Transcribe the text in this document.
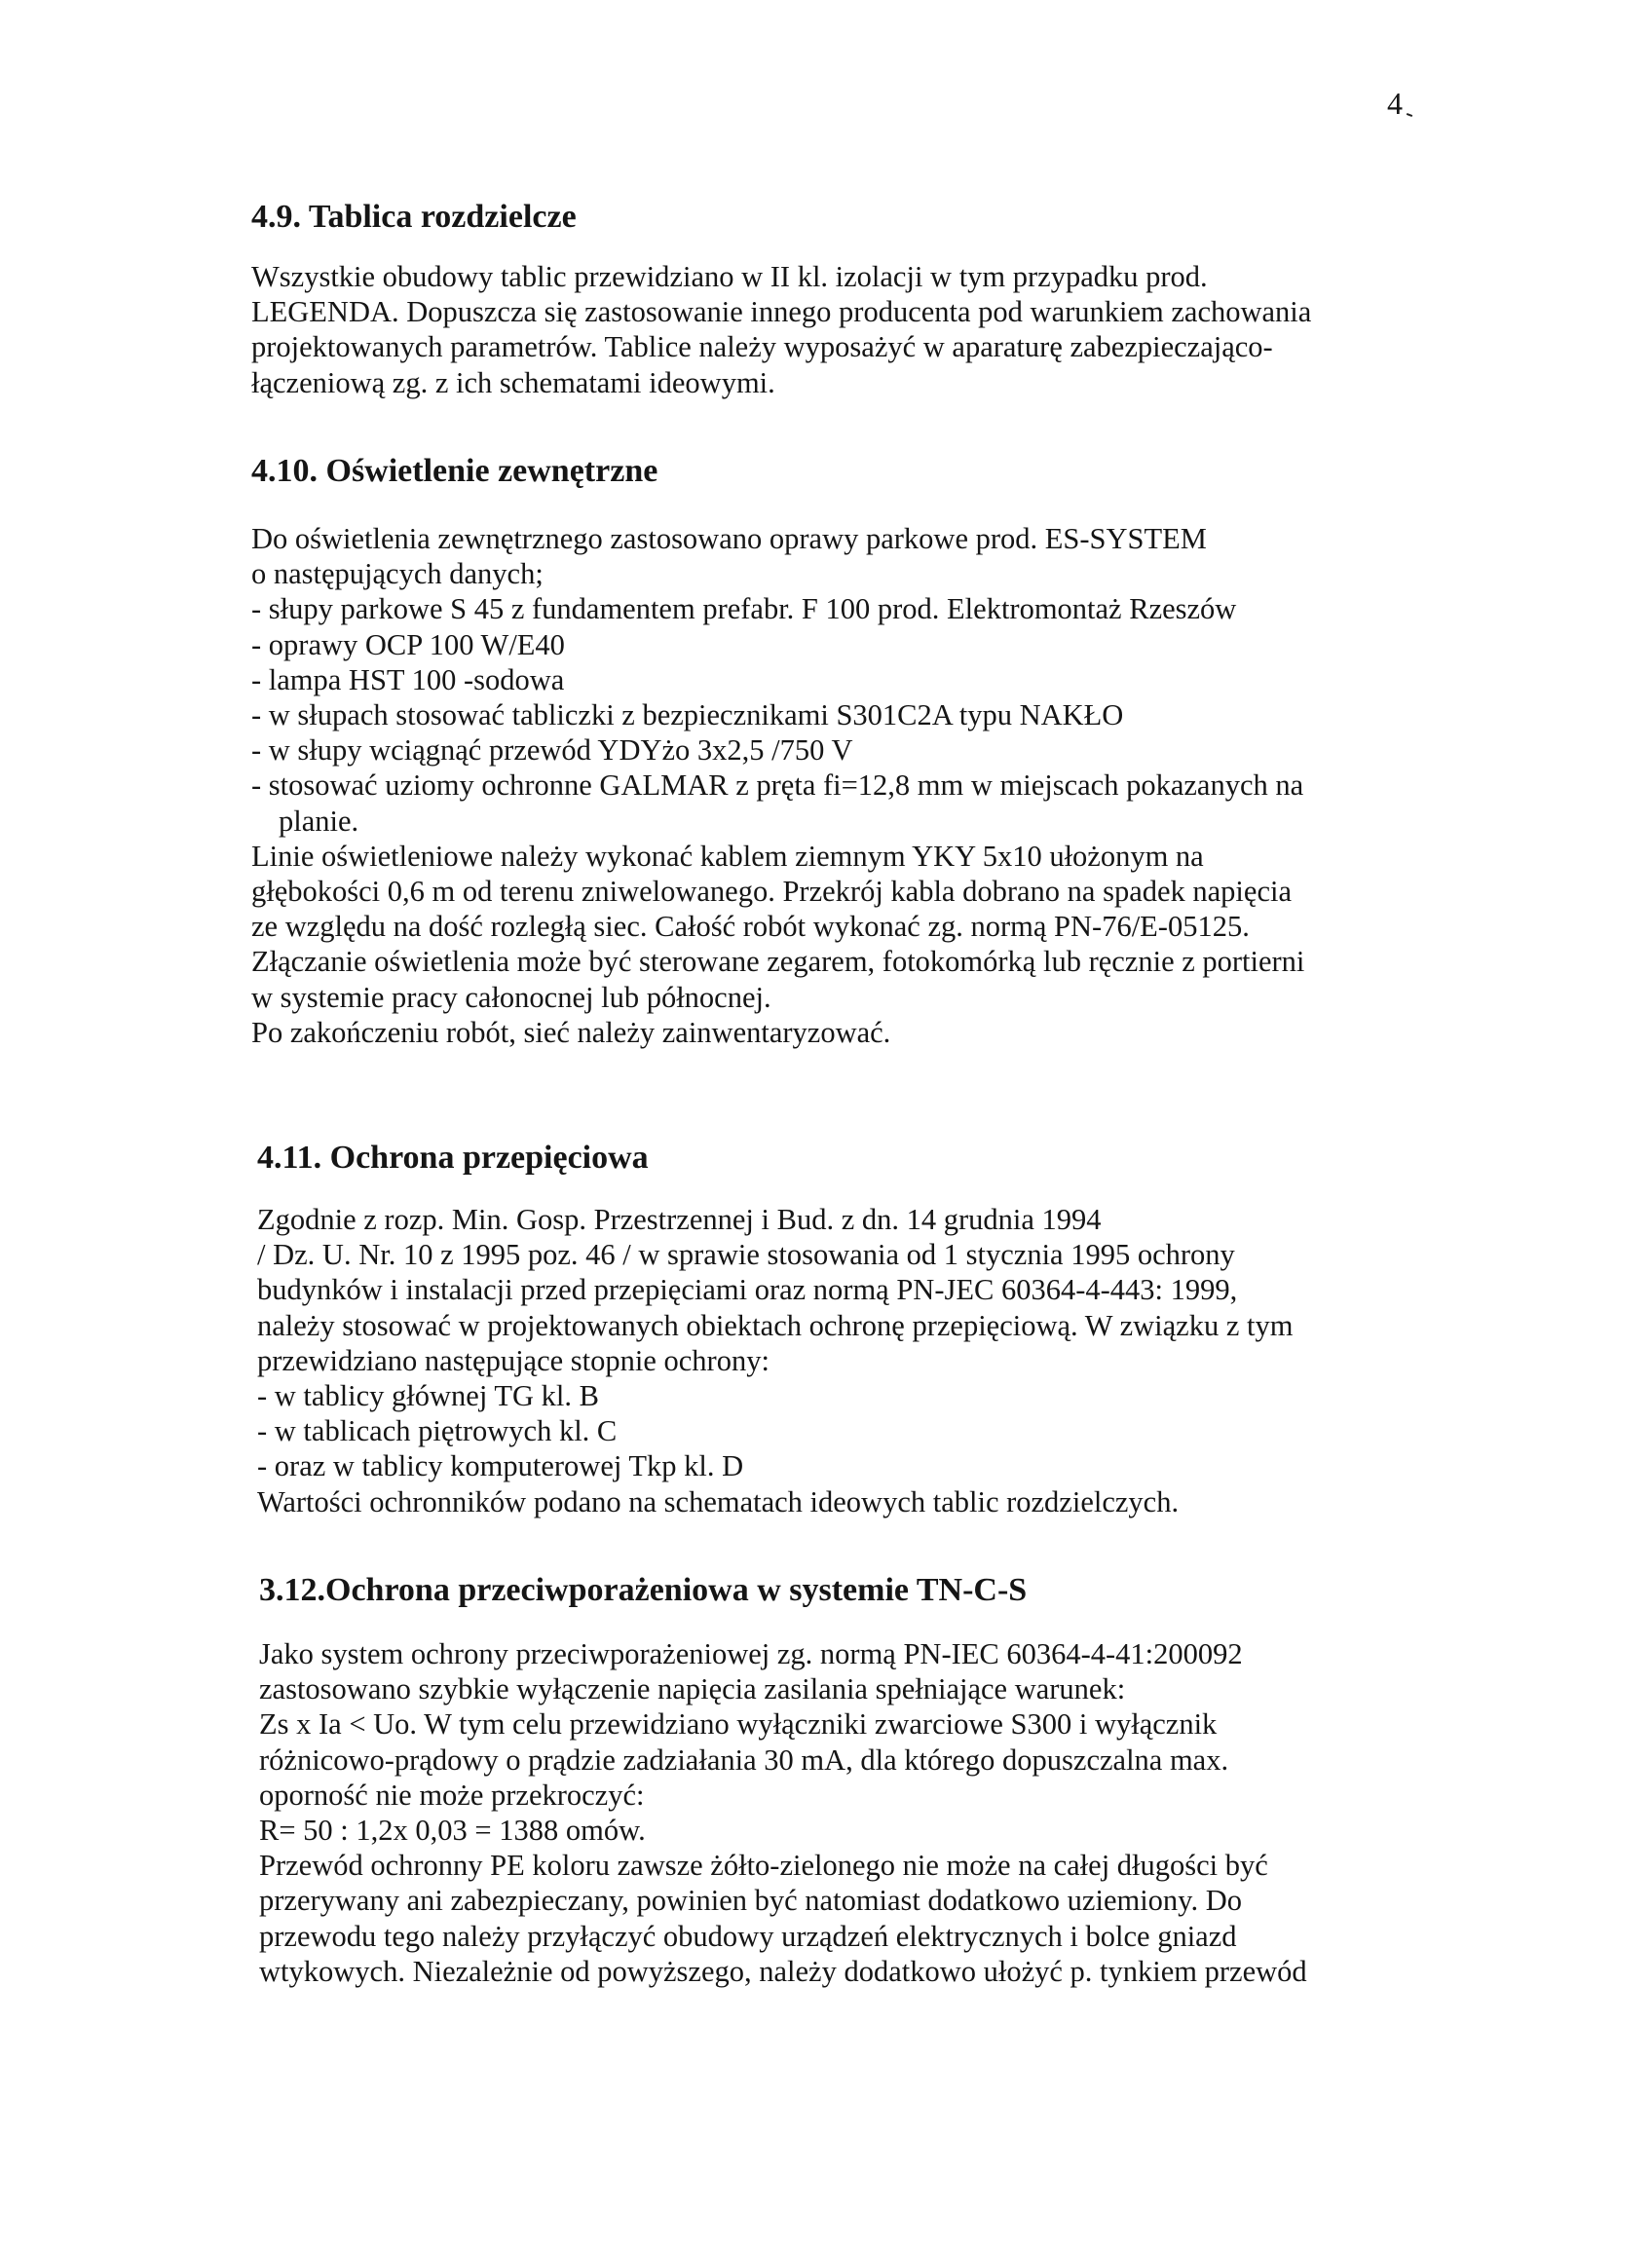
4
4.9. Tablica rozdzielcze
Wszystkie obudowy tablic przewidziano w II kl. izolacji w tym przypadku prod.
LEGENDA. Dopuszcza się zastosowanie innego producenta pod warunkiem zachowania
projektowanych parametrów. Tablice należy wyposażyć w aparaturę zabezpieczająco-
łączeniową zg. z ich schematami ideowymi.
4.10. Oświetlenie zewnętrzne
Do oświetlenia zewnętrznego zastosowano oprawy parkowe prod. ES-SYSTEM
o następujących danych;
- słupy parkowe S 45 z fundamentem prefabr. F 100 prod. Elektromontaż Rzeszów
- oprawy OCP 100 W/E40
- lampa HST 100 -sodowa
- w słupach stosować tabliczki z bezpiecznikami S301C2A typu NAKŁO
- w słupy wciągnąć przewód YDYżo 3x2,5 /750 V
- stosować uziomy ochronne GALMAR z pręta fi=12,8 mm w miejscach pokazanych na
planie.
Linie oświetleniowe należy wykonać kablem ziemnym YKY 5x10 ułożonym na
głębokości 0,6 m od terenu zniwelowanego. Przekrój kabla dobrano na spadek napięcia
ze względu na dość rozległą siec. Całość robót wykonać zg. normą PN-76/E-05125.
Złączanie oświetlenia może być sterowane zegarem, fotokomórką lub ręcznie z portierni
w systemie pracy całonocnej lub północnej.
Po zakończeniu robót, sieć należy zainwentaryzować.
4.11. Ochrona przepięciowa
Zgodnie z rozp. Min. Gosp. Przestrzennej i Bud. z dn. 14 grudnia 1994
/ Dz. U. Nr. 10 z 1995 poz. 46 / w sprawie stosowania od 1 stycznia 1995 ochrony
budynków i instalacji przed przepięciami oraz normą PN-JEC 60364-4-443: 1999,
należy stosować w projektowanych obiektach ochronę przepięciową. W związku z tym
przewidziano następujące stopnie ochrony:
- w tablicy głównej TG kl. B
- w tablicach piętrowych kl. C
- oraz w tablicy komputerowej Tkp kl. D
Wartości ochronników podano na schematach ideowych tablic rozdzielczych.
3.12.Ochrona przeciwporażeniowa w systemie TN-C-S
Jako system ochrony przeciwporażeniowej zg. normą PN-IEC 60364-4-41:200092
zastosowano szybkie wyłączenie napięcia zasilania spełniające warunek:
Zs x Ia < Uo. W tym celu przewidziano wyłączniki zwarciowe S300 i wyłącznik
różnicowo-prądowy o prądzie zadziałania 30 mA, dla którego dopuszczalna max.
oporność nie może przekroczyć:
R= 50 : 1,2x 0,03 = 1388 omów.
Przewód ochronny PE koloru zawsze żółto-zielonego nie może na całej długości być
przerywany ani zabezpieczany, powinien być natomiast dodatkowo uziemiony. Do
przewodu tego należy przyłączyć obudowy urządzeń elektrycznych i bolce gniazd
wtykowych. Niezależnie od powyższego, należy dodatkowo ułożyć p. tynkiem przewód
